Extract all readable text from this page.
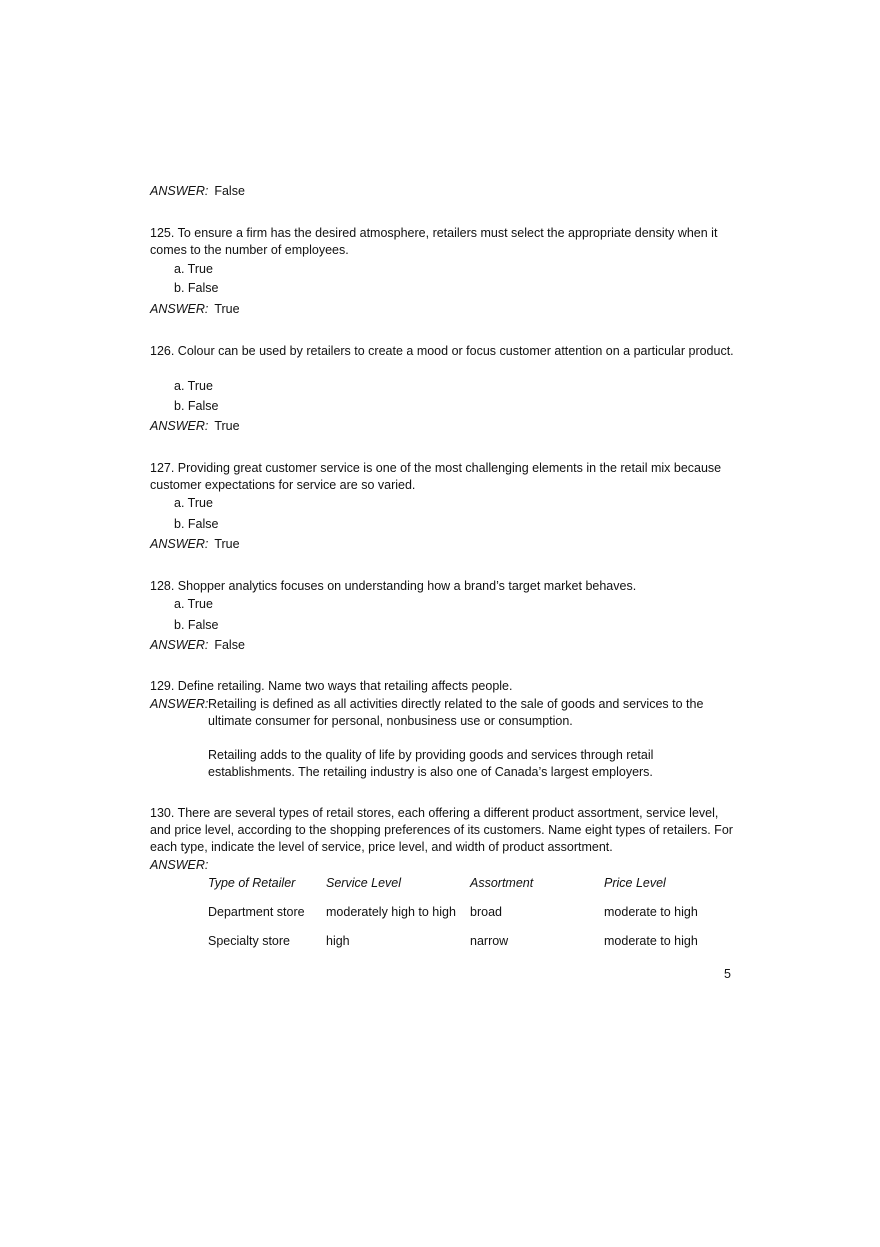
ANSWER: False
125. To ensure a firm has the desired atmosphere, retailers must select the appropriate density when it comes to the number of employees.
a. True
b. False
ANSWER: True
126. Colour can be used by retailers to create a mood or focus customer attention on a particular product.
a. True
b. False
ANSWER: True
127. Providing great customer service is one of the most challenging elements in the retail mix because customer expectations for service are so varied.
a. True
b. False
ANSWER: True
128. Shopper analytics focuses on understanding how a brand’s target market behaves.
a. True
b. False
ANSWER: False
129. Define retailing. Name two ways that retailing affects people.
ANSWER: Retailing is defined as all activities directly related to the sale of goods and services to the ultimate consumer for personal, nonbusiness use or consumption.
Retailing adds to the quality of life by providing goods and services through retail establishments. The retailing industry is also one of Canada’s largest employers.
130. There are several types of retail stores, each offering a different product assortment, service level, and price level, according to the shopping preferences of its customers. Name eight types of retailers. For each type, indicate the level of service, price level, and width of product assortment.
ANSWER:
Type of Retailer	Service Level	Assortment	Price Level
Department store	moderately high to high	broad	moderate to high
Specialty store	high	narrow	moderate to high
5
